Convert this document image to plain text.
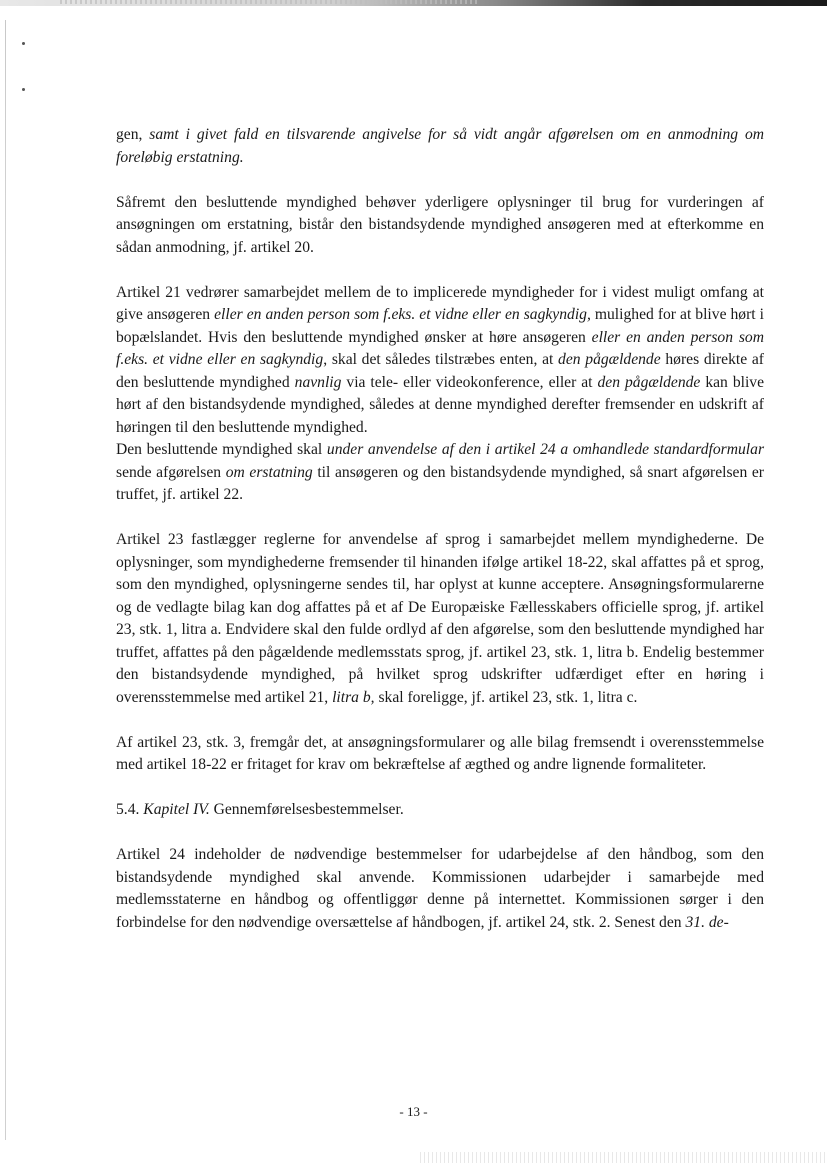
gen, samt i givet fald en tilsvarende angivelse for så vidt angår afgørelsen om en anmodning om foreløbig erstatning.

Såfremt den besluttende myndighed behøver yderligere oplysninger til brug for vurderingen af ansøgningen om erstatning, bistår den bistandsydende myndighed ansøgeren med at efterkomme en sådan anmodning, jf. artikel 20.

Artikel 21 vedrører samarbejdet mellem de to implicerede myndigheder for i videst muligt omfang at give ansøgeren eller en anden person som f.eks. et vidne eller en sagkyndig, mulighed for at blive hørt i bopælslandet. Hvis den besluttende myndighed ønsker at høre ansøgeren eller en anden person som f.eks. et vidne eller en sagkyndig, skal det således tilstræbes enten, at den pågældende høres direkte af den besluttende myndighed navnlig via tele- eller videokonference, eller at den pågældende kan blive hørt af den bistandsydende myndighed, således at denne myndighed derefter fremsender en udskrift af høringen til den besluttende myndighed.

Den besluttende myndighed skal under anvendelse af den i artikel 24 a omhandlede standardformular sende afgørelsen om erstatning til ansøgeren og den bistandsydende myndighed, så snart afgørelsen er truffet, jf. artikel 22.

Artikel 23 fastlægger reglerne for anvendelse af sprog i samarbejdet mellem myndighederne. De oplysninger, som myndighederne fremsender til hinanden ifølge artikel 18-22, skal affattes på et sprog, som den myndighed, oplysningerne sendes til, har oplyst at kunne acceptere. Ansøgningsformularerne og de vedlagte bilag kan dog affattes på et af De Europæiske Fællesskabers officielle sprog, jf. artikel 23, stk. 1, litra a. Endvidere skal den fulde ordlyd af den afgørelse, som den besluttende myndighed har truffet, affattes på den pågældende medlemsstats sprog, jf. artikel 23, stk. 1, litra b. Endelig bestemmer den bistandsydende myndighed, på hvilket sprog udskrifter udfærdiget efter en høring i overensstemmelse med artikel 21, litra b, skal foreligge, jf. artikel 23, stk. 1, litra c.

Af artikel 23, stk. 3, fremgår det, at ansøgningsformularer og alle bilag fremsendt i overensstemmelse med artikel 18-22 er fritaget for krav om bekræftelse af ægthed og andre lignende formaliteter.

5.4. Kapitel IV. Gennemførelsesbestemmelser.

Artikel 24 indeholder de nødvendige bestemmelser for udarbejdelse af den håndbog, som den bistandsydende myndighed skal anvende. Kommissionen udarbejder i samarbejde med medlemsstaterne en håndbog og offentliggør denne på internettet. Kommissionen sørger i den forbindelse for den nødvendige oversættelse af håndbogen, jf. artikel 24, stk. 2. Senest den 31. de-

- 13 -
